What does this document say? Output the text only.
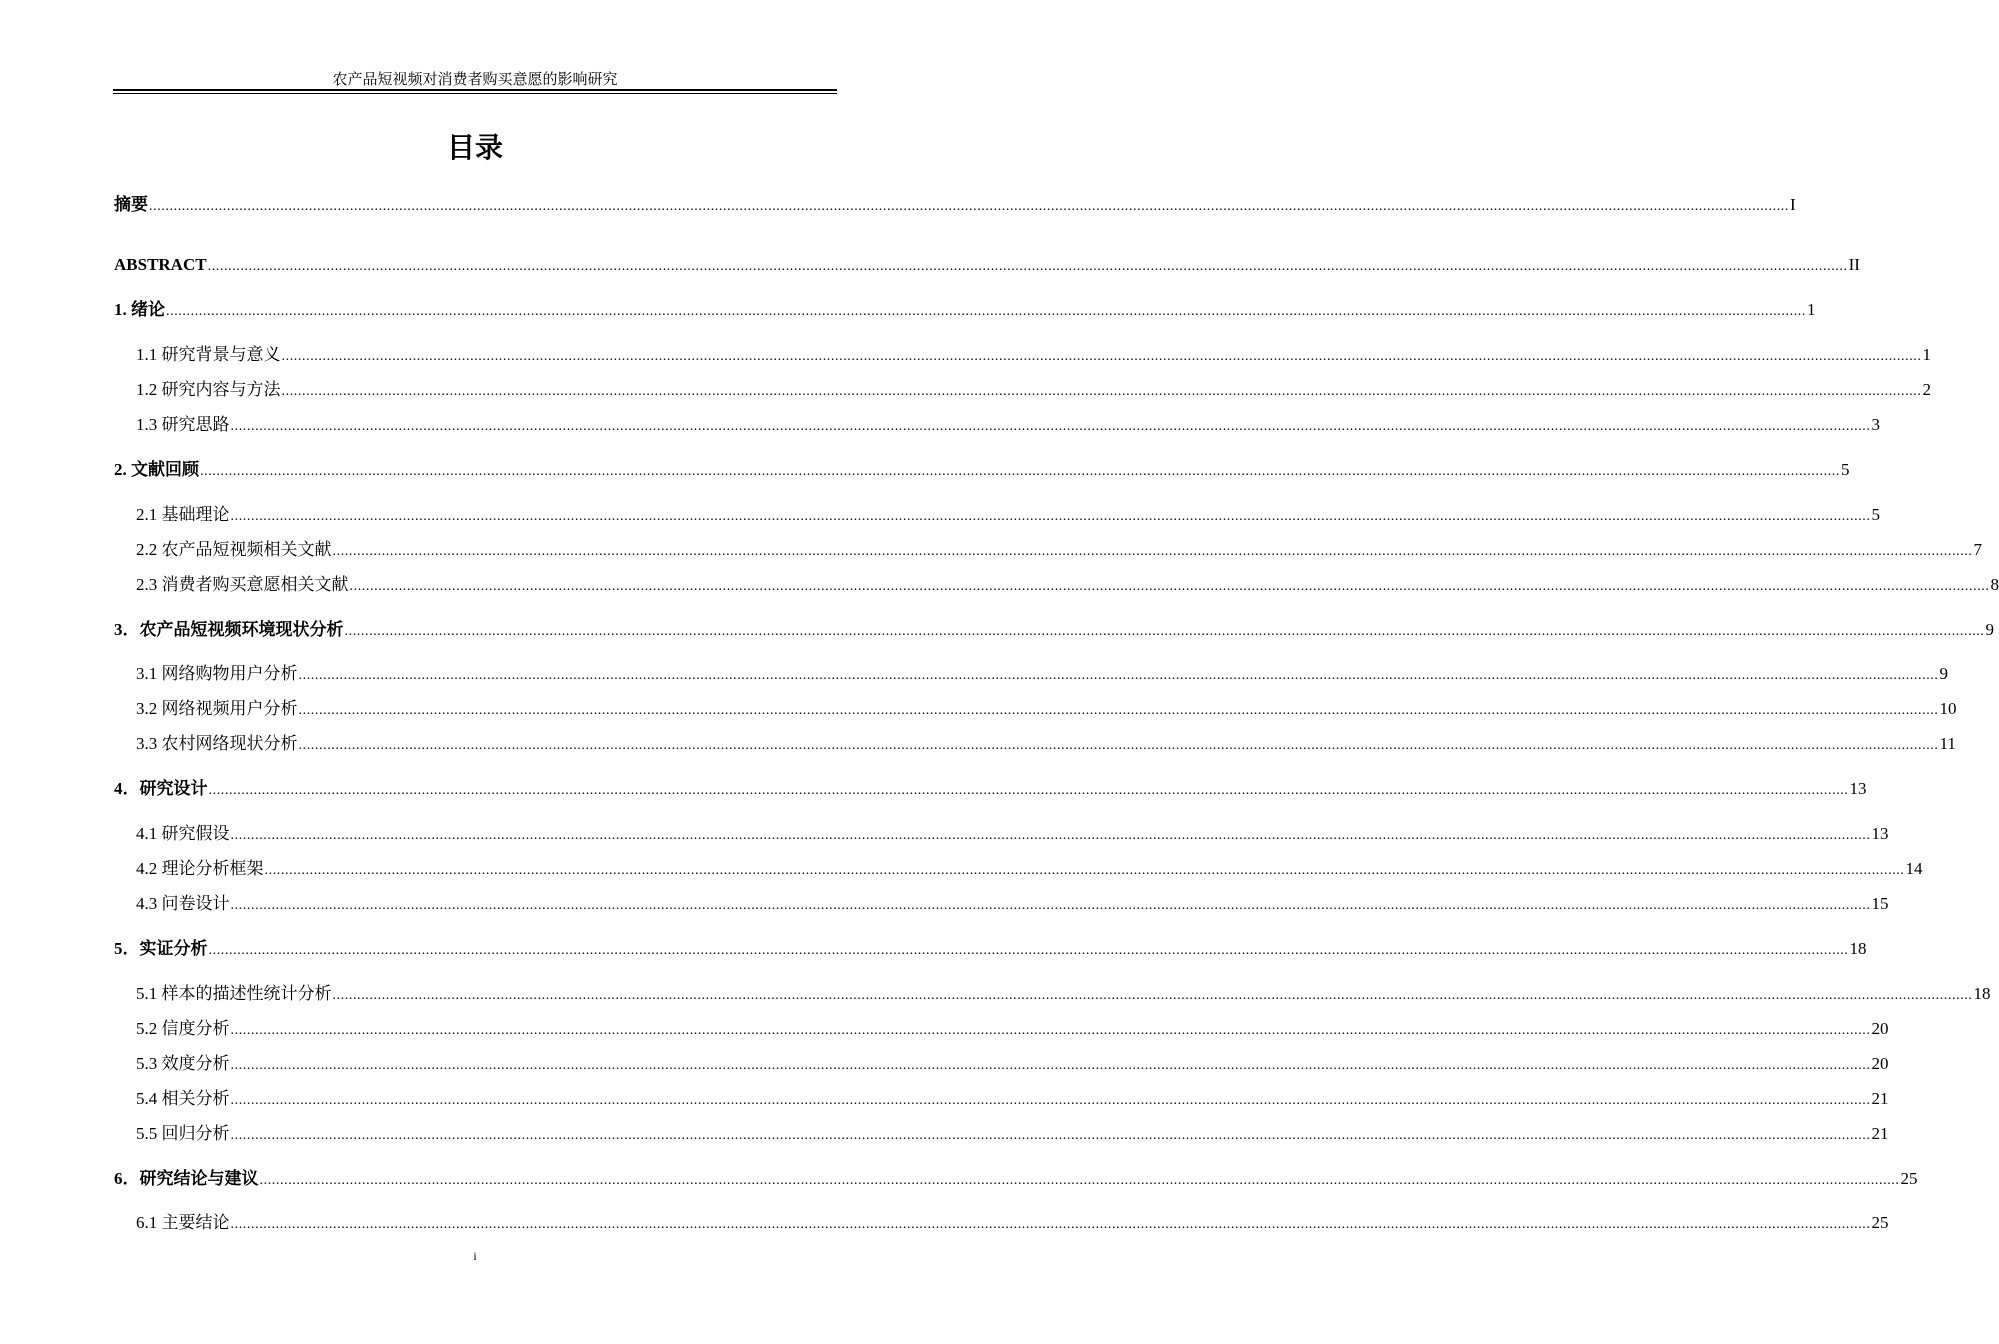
农产品短视频对消费者购买意愿的影响研究
目录
摘要 ................................................................................................................................................................................................................................................................................................................................................................................................................ I
ABSTRACT ................................................................................................................................................................................................................................................................................................................................................................................................................ II
1. 绪论 ................................................................................................................................................................................................................................................................................................................................................................................................................ 1
1.1 研究背景与意义 ................................................................................................................................................................................................................................................................................................................................................................................................................ 1
1.2 研究内容与方法 ................................................................................................................................................................................................................................................................................................................................................................................................................ 2
1.3 研究思路 ................................................................................................................................................................................................................................................................................................................................................................................................................ 3
2. 文献回顾 ................................................................................................................................................................................................................................................................................................................................................................................................................ 5
2.1 基础理论 ................................................................................................................................................................................................................................................................................................................................................................................................................ 5
2.2 农产品短视频相关文献 ................................................................................................................................................................................................................................................................................................................................................................................................................ 7
2.3 消费者购买意愿相关文献 ................................................................................................................................................................................................................................................................................................................................................................................................................ 8
3．农产品短视频环境现状分析 ................................................................................................................................................................................................................................................................................................................................................................................................................ 9
3.1 网络购物用户分析 ................................................................................................................................................................................................................................................................................................................................................................................................................ 9
3.2 网络视频用户分析 ................................................................................................................................................................................................................................................................................................................................................................................................................ 10
3.3 农村网络现状分析 ................................................................................................................................................................................................................................................................................................................................................................................................................ 11
4．研究设计 ................................................................................................................................................................................................................................................................................................................................................................................................................ 13
4.1 研究假设 ................................................................................................................................................................................................................................................................................................................................................................................................................ 13
4.2 理论分析框架 ................................................................................................................................................................................................................................................................................................................................................................................................................ 14
4.3 问卷设计 ................................................................................................................................................................................................................................................................................................................................................................................................................ 15
5．实证分析 ................................................................................................................................................................................................................................................................................................................................................................................................................ 18
5.1 样本的描述性统计分析 ................................................................................................................................................................................................................................................................................................................................................................................................................ 18
5.2 信度分析 ................................................................................................................................................................................................................................................................................................................................................................................................................ 20
5.3 效度分析 ................................................................................................................................................................................................................................................................................................................................................................................................................ 20
5.4 相关分析 ................................................................................................................................................................................................................................................................................................................................................................................................................ 21
5.5 回归分析 ................................................................................................................................................................................................................................................................................................................................................................................................................ 21
6．研究结论与建议 ................................................................................................................................................................................................................................................................................................................................................................................................................ 25
6.1 主要结论 ................................................................................................................................................................................................................................................................................................................................................................................................................ 25
i
